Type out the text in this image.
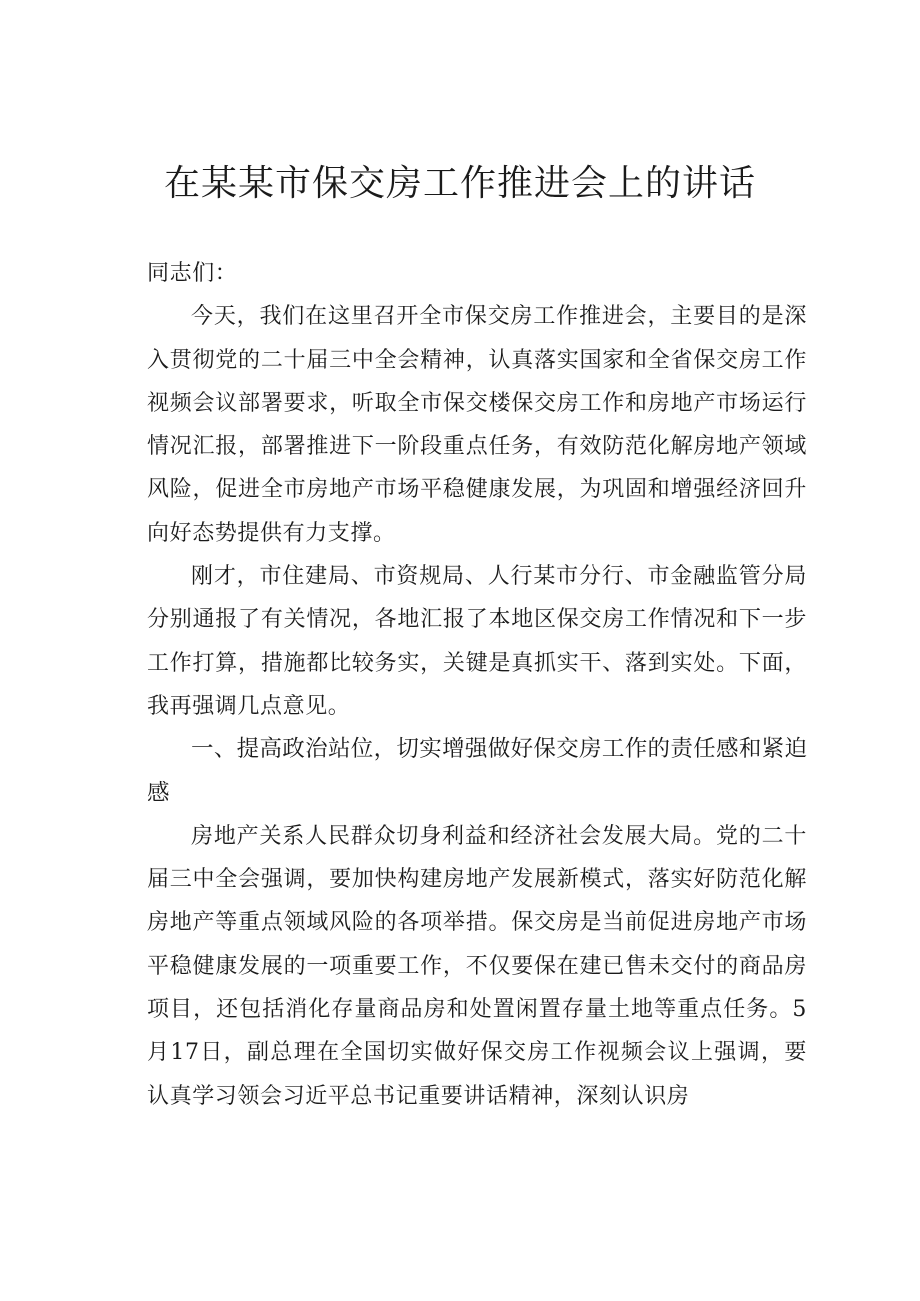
在某某市保交房工作推进会上的讲话

同志们：

今天，我们在这里召开全市保交房工作推进会，主要目的是深入贯彻党的二十届三中全会精神，认真落实国家和全省保交房工作视频会议部署要求，听取全市保交楼保交房工作和房地产市场运行情况汇报，部署推进下一阶段重点任务，有效防范化解房地产领域风险，促进全市房地产市场平稳健康发展，为巩固和增强经济回升向好态势提供有力支撑。

刚才，市住建局、市资规局、人行某市分行、市金融监管分局分别通报了有关情况，各地汇报了本地区保交房工作情况和下一步工作打算，措施都比较务实，关键是真抓实干、落到实处。下面，我再强调几点意见。

一、提高政治站位，切实增强做好保交房工作的责任感和紧迫感

房地产关系人民群众切身利益和经济社会发展大局。党的二十届三中全会强调，要加快构建房地产发展新模式，落实好防范化解房地产等重点领域风险的各项举措。保交房是当前促进房地产市场平稳健康发展的一项重要工作，不仅要保在建已售未交付的商品房项目，还包括消化存量商品房和处置闲置存量土地等重点任务。5月17日，副总理在全国切实做好保交房工作视频会议上强调，要认真学习领会习近平总书记重要讲话精神，深刻认识房
